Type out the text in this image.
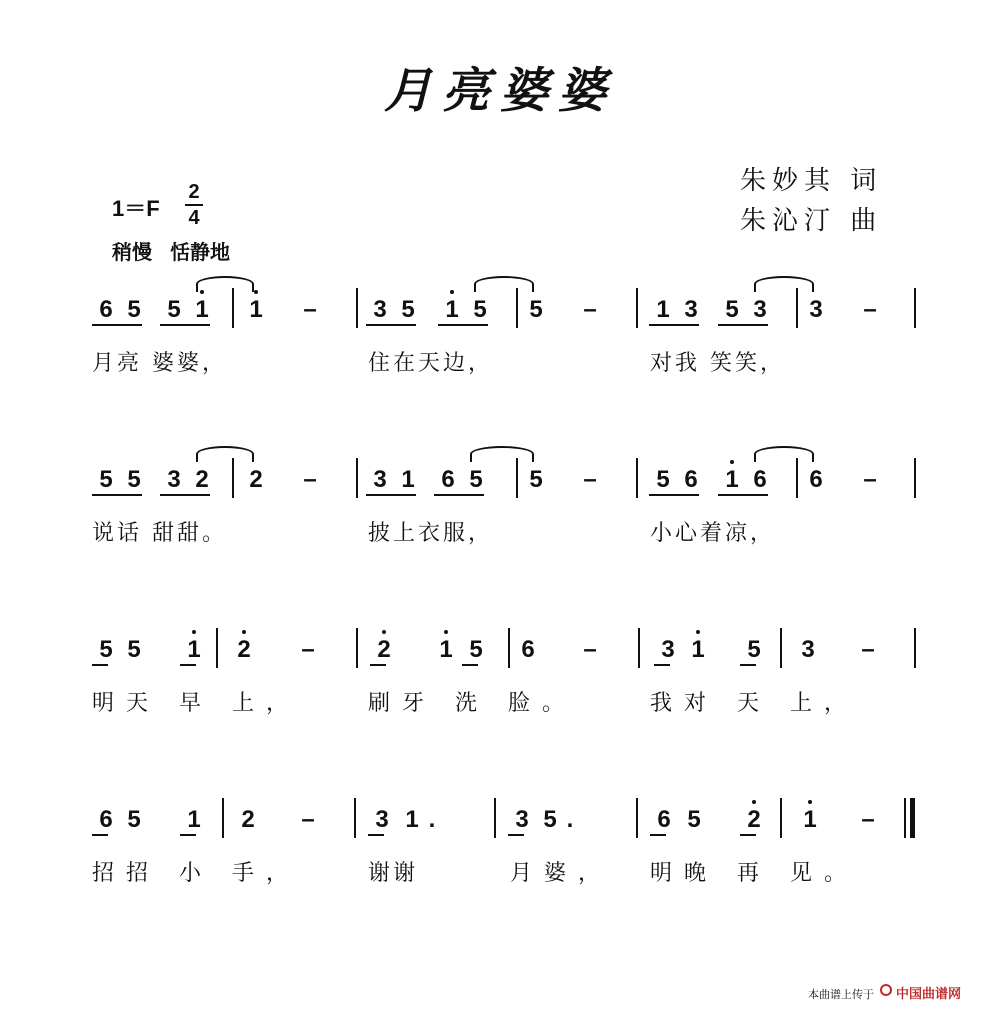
月亮婆婆
朱妙其 词
朱沁汀 曲
1＝F
2
4
稍慢 恬静地
6 5 5 1 1 – 3 5 1 5 5 – 1 3 5 3 3 –
5 5 3 2 2 – 3 1 6 5 5 – 5 6 1 6 6 –
5 5 1 2 –	2 1 5 6 –	3 1 5 3 –
6 5 1 2 –	3 1 .	3 5 .	6 5 2 1 –
月亮 婆婆，	住在天边，	对我 笑笑，
说话 甜甜。	披上衣服，	小心着凉，
明天 早 上，	刷牙 洗 脸。	我对 天 上，
招招 小 手，	谢谢	月婆， 明晚 再 见。
本曲谱上传于 中国曲谱网
